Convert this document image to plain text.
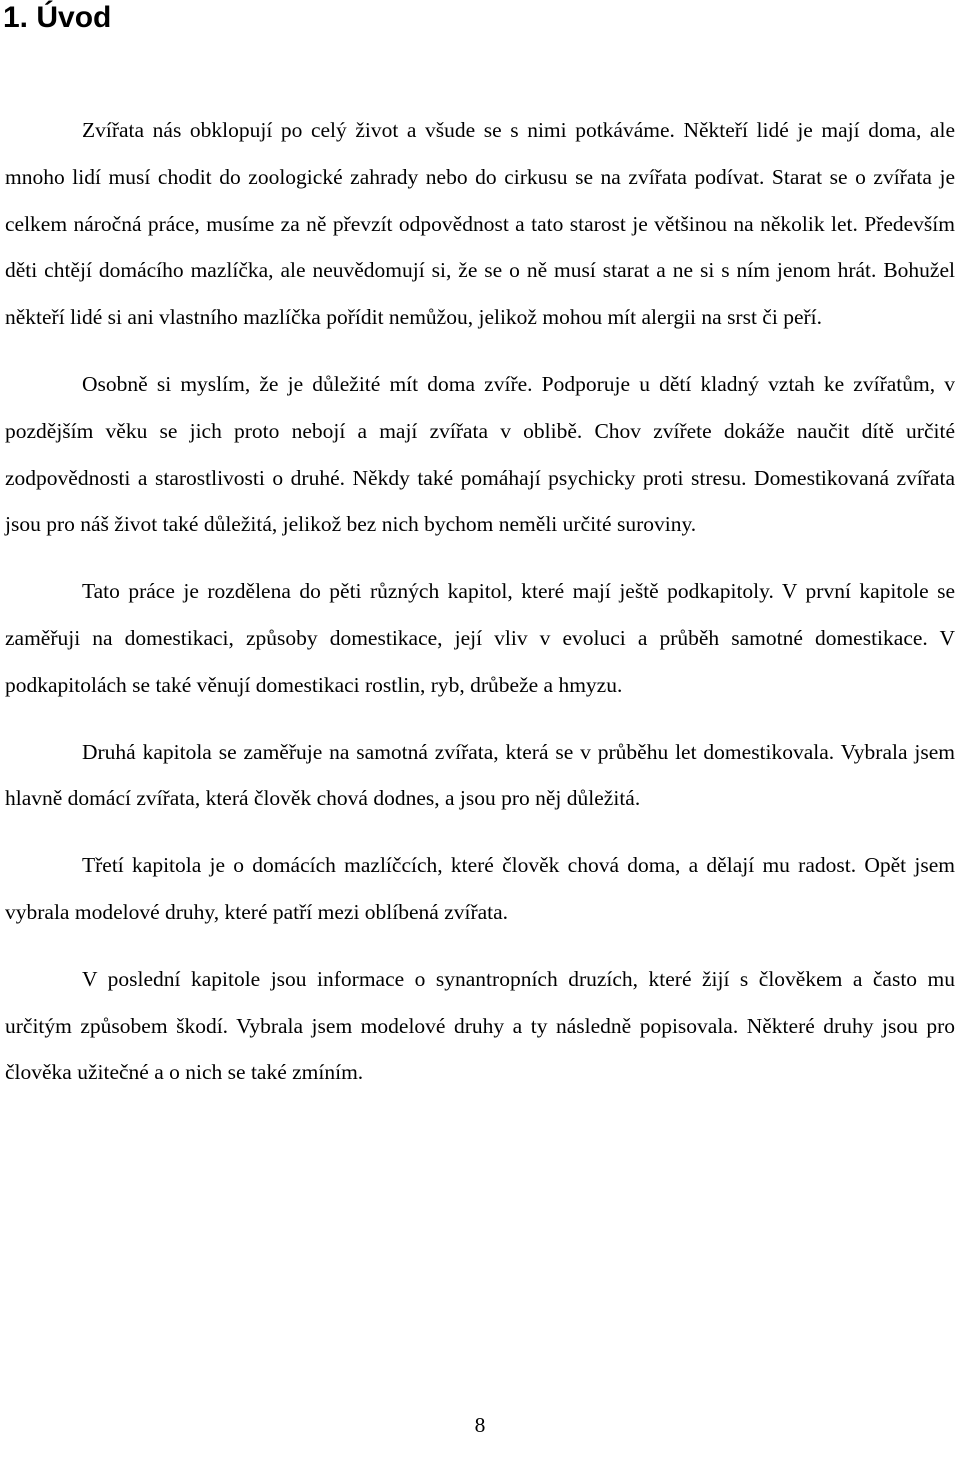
1. Úvod

Zvířata nás obklopují po celý život a všude se s nimi potkáváme. Někteří lidé je mají doma, ale mnoho lidí musí chodit do zoologické zahrady nebo do cirkusu se na zvířata podívat. Starat se o zvířata je celkem náročná práce, musíme za ně převzít odpovědnost a tato starost je většinou na několik let. Především děti chtějí domácího mazlíčka, ale neuvědomují si, že se o ně musí starat a ne si s ním jenom hrát. Bohužel někteří lidé si ani vlastního mazlíčka pořídit nemůžou, jelikož mohou mít alergii na srst či peří.

Osobně si myslím, že je důležité mít doma zvíře. Podporuje u dětí kladný vztah ke zvířatům, v pozdějším věku se jich proto nebojí a mají zvířata v oblibě. Chov zvířete dokáže naučit dítě určité zodpovědnosti a starostlivosti o druhé. Někdy také pomáhají psychicky proti stresu. Domestikovaná zvířata jsou pro náš život také důležitá, jelikož bez nich bychom neměli určité suroviny.

Tato práce je rozdělena do pěti různých kapitol, které mají ještě podkapitoly. V první kapitole se zaměřuji na domestikaci, způsoby domestikace, její vliv v evoluci a průběh samotné domestikace. V podkapitolách se také věnují domestikaci rostlin, ryb, drůbeže a hmyzu.

Druhá kapitola se zaměřuje na samotná zvířata, která se v průběhu let domestikovala. Vybrala jsem hlavně domácí zvířata, která člověk chová dodnes, a jsou pro něj důležitá.

Třetí kapitola je o domácích mazlíčcích, které člověk chová doma, a dělají mu radost. Opět jsem vybrala modelové druhy, které patří mezi oblíbená zvířata.

V poslední kapitole jsou informace o synantropních druzích, které žijí s člověkem a často mu určitým způsobem škodí. Vybrala jsem modelové druhy a ty následně popisovala. Některé druhy jsou pro člověka užitečné a o nich se také zmíním.

8
